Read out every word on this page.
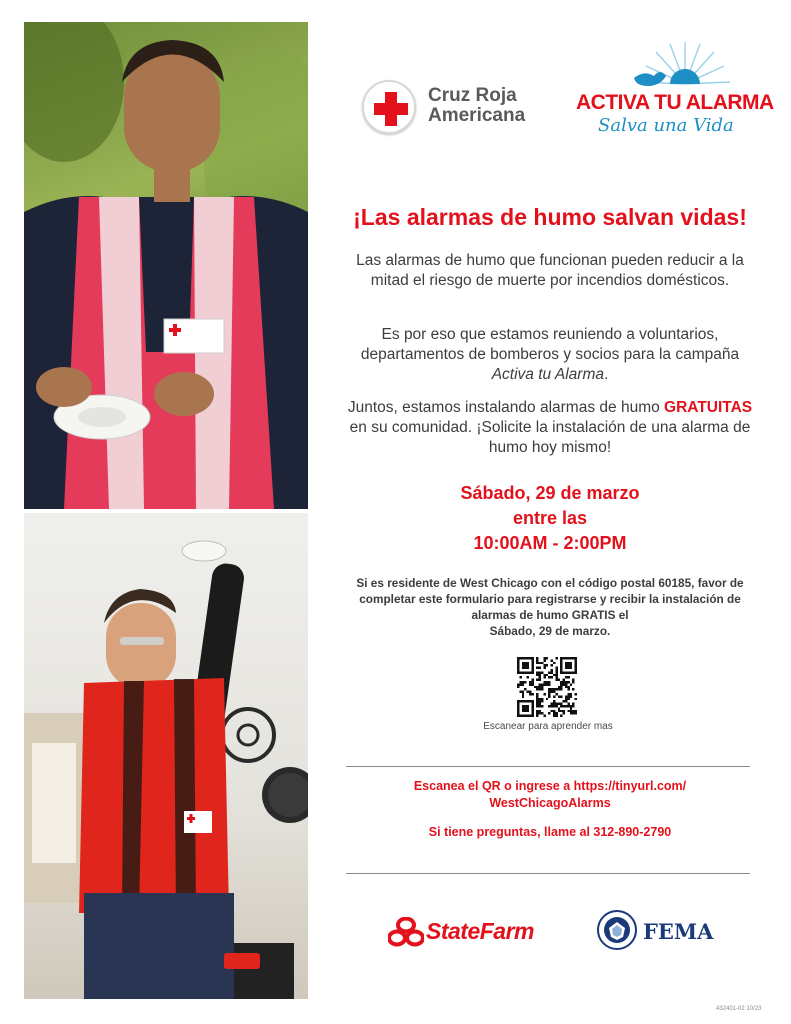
Cruz Roja
Americana
ACTIVA TU ALARMA
Salva una Vida
¡Las alarmas de humo salvan vidas!
Las alarmas de humo que funcionan pueden reducir a la mitad el riesgo de muerte por incendios domésticos.
Es por eso que estamos reuniendo a voluntarios, departamentos de bomberos y socios para la campaña Activa tu Alarma.
Juntos, estamos instalando alarmas de humo GRATUITAS en su comunidad. ¡Solicite la instalación de una alarma de humo hoy mismo!
Sábado, 29 de marzo
entre las
10:00AM - 2:00PM
Si es residente de West Chicago con el código postal 60185, favor de
completar este formulario para registrarse y recibir la instalación de
alarmas de humo GRATIS el
Sábado, 29 de marzo.
Escanear para aprender mas
Escanea el QR o ingrese a https://tinyurl.com/
WestChicagoAlarms
Si tiene preguntas, llame al 312-890-2790
StateFarm	FEMA
432401-02 10/23
